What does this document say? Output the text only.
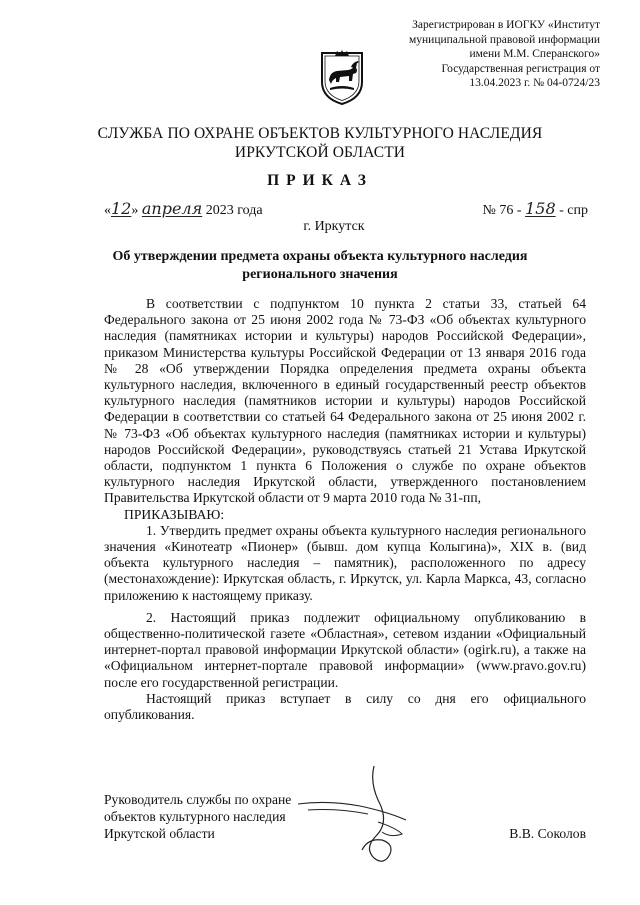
Зарегистрирован в ИОГКУ «Институт
муниципальной правовой информации
имени М.М. Сперанского»
Государственная регистрация от
13.04.2023 г. № 04-0724/23
СЛУЖБА ПО ОХРАНЕ ОБЪЕКТОВ КУЛЬТУРНОГО НАСЛЕДИЯ
ИРКУТСКОЙ ОБЛАСТИ
ПРИКАЗ
«12» апреля 2023 года	№ 76 - 158 - спр
г. Иркутск
Об утверждении предмета охраны объекта культурного наследия
регионального значения

В соответствии с подпунктом 10 пункта 2 статьи 33, статьей 64 Федерального закона от 25 июня 2002 года № 73-ФЗ «Об объектах культурного наследия (памятниках истории и культуры) народов Российской Федерации», приказом Министерства культуры Российской Федерации от 13 января 2016 года № 28 «Об утверждении Порядка определения предмета охраны объекта культурного наследия, включенного в единый государственный реестр объектов культурного наследия (памятников истории и культуры) народов Российской Федерации в соответствии со статьей 64 Федерального закона от 25 июня 2002 г. № 73-ФЗ «Об объектах культурного наследия (памятниках истории и культуры) народов Российской Федерации», руководствуясь статьей 21 Устава Иркутской области, подпунктом 1 пункта 6 Положения о службе по охране объектов культурного наследия Иркутской области, утвержденного постановлением Правительства Иркутской области от 9 марта 2010 года № 31-пп,

ПРИКАЗЫВАЮ:

1. Утвердить предмет охраны объекта культурного наследия регионального значения «Кинотеатр «Пионер» (бывш. дом купца Колыгина)», XIX в. (вид объекта культурного наследия – памятник), расположенного по адресу (местонахождение): Иркутская область, г. Иркутск, ул. Карла Маркса, 43, согласно приложению к настоящему приказу.

2. Настоящий приказ подлежит официальному опубликованию в общественно-политической газете «Областная», сетевом издании «Официальный интернет-портал правовой информации Иркутской области» (ogirk.ru), а также на «Официальном интернет-портале правовой информации» (www.pravo.gov.ru) после его государственной регистрации.

Настоящий приказ вступает в силу со дня его официального опубликования.

Руководитель службы по охране
объектов культурного наследия
Иркутской области	В.В. Соколов
